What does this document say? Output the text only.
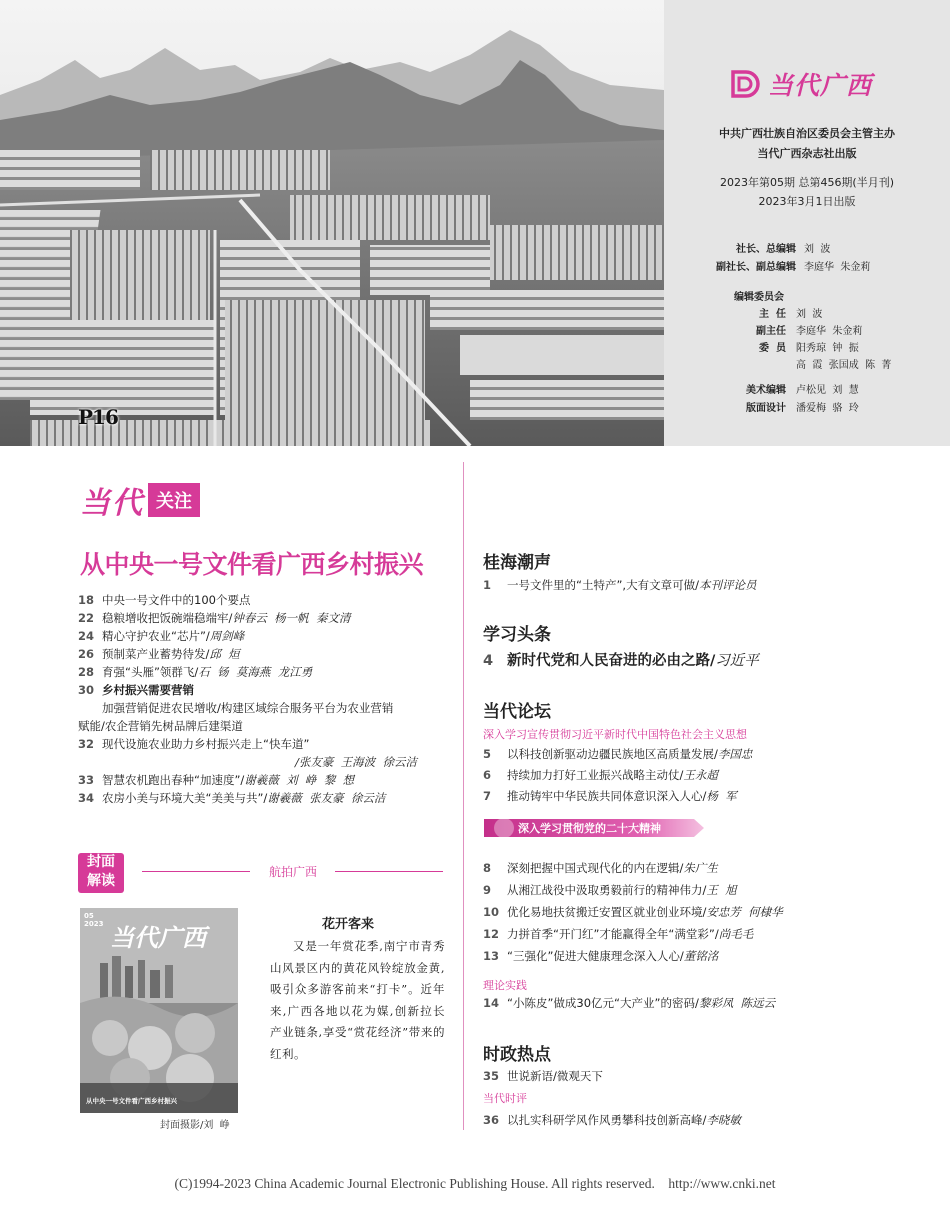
P16
当代广西
中共广西壮族自治区委员会主管主办
当代广西杂志社出版
2023年第05期 总第456期(半月刊)
2023年3月1日出版
社长、总编辑 刘  波
副社长、副总编辑 李庭华  朱金莉
编辑委员会
主  任 刘  波
副主任 李庭华  朱金莉
委  员 阳秀琼  钟  振
高  霞  张国成  陈  菁
美术编辑 卢松见  刘  慧
版面设计 潘爱梅  骆  玲
当代 关注
从中央一号文件看广西乡村振兴
18 中央一号文件中的100个要点
22 稳粮增收把饭碗端稳端牢/钟春云  杨一帆  秦文清
24 精心守护农业“芯片”/周剑峰
26 预制菜产业蓄势待发/邱  烜
28 育强“头雁”领群飞/石  钖  莫海燕  龙江勇
30 乡村振兴需要营销
加强营销促进农民增收/构建区域综合服务平台为农业营销
赋能/农企营销先树品牌后建渠道
32 现代设施农业助力乡村振兴走上“快车道”
/张友豪  王海波  徐云洁
33 智慧农机跑出春种“加速度”/谢羲薇  刘  峥  黎  想
34 农房小美与环境大美“美美与共”/谢羲薇  张友豪  徐云洁
封面
解读
航拍广西
05
2023 当代广西
从中央一号文件看广西乡村振兴
封面摄影/刘  峥
花开客来
又是一年赏花季,南宁市青秀山风景区内的黄花风铃绽放金黄,吸引众多游客前来“打卡”。近年来,广西各地以花为媒,创新拉长产业链条,享受“赏花经济”带来的红利。
桂海潮声
1 一号文件里的“土特产”,大有文章可做/本刊评论员
学习头条
4 新时代党和人民奋进的必由之路/习近平
当代论坛
深入学习宣传贯彻习近平新时代中国特色社会主义思想
5 以科技创新驱动边疆民族地区高质量发展/李国忠
6 持续加力打好工业振兴战略主动仗/王永超
7 推动铸牢中华民族共同体意识深入人心/杨  军
深入学习贯彻党的二十大精神
8 深刻把握中国式现代化的内在逻辑/朱广生
9 从湘江战役中汲取勇毅前行的精神伟力/王  旭
10 优化易地扶贫搬迁安置区就业创业环境/安忠芳  何棣华
12 力拼首季“开门红”才能赢得全年“满堂彩”/尚毛毛
13 “三强化”促进大健康理念深入人心/董铭洺
理论实践
14 “小陈皮”做成30亿元“大产业”的密码/黎彩凤  陈远云
时政热点
35 世说新语/微观天下
当代时评
36 以扎实科研学风作风勇攀科技创新高峰/李晓敏
(C)1994-2023 China Academic Journal Electronic Publishing House. All rights reserved.    http://www.cnki.net
